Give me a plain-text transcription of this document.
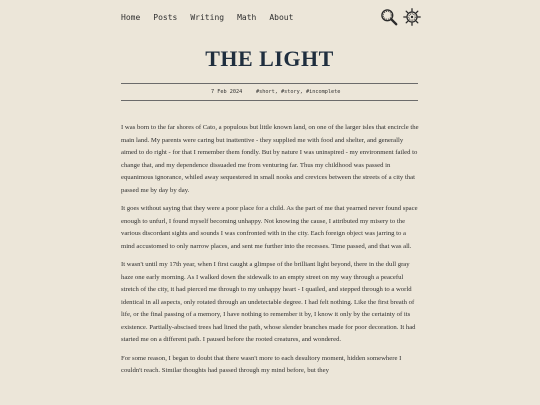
Home Posts Writing Math About
THE LIGHT
7 Feb 2024	#short, #story, #incomplete

I was born to the far shores of Cato, a populous but little known land, on one of the larger isles that encircle the main land. My parents were caring but inattentive - they supplied me with food and shelter, and generally aimed to do right - for that I remember them fondly. But by nature I was uninspired - my environment failed to change that, and my dependence dissuaded me from venturing far. Thus my childhood was passed in equanimous ignorance, whiled away sequestered in small nooks and crevices between the streets of a city that passed me by day by day.

It goes without saying that they were a poor place for a child. As the part of me that yearned never found space enough to unfurl, I found myself becoming unhappy. Not knowing the cause, I attributed my misery to the various discordant sights and sounds I was confronted with in the city. Each foreign object was jarring to a mind accustomed to only narrow places, and sent me further into the recesses. Time passed, and that was all.

It wasn't until my 17th year, when I first caught a glimpse of the brilliant light beyond, there in the dull gray haze one early morning. As I walked down the sidewalk to an empty street on my way through a peaceful stretch of the city, it had pierced me through to my unhappy heart - I quailed, and stepped through to a world identical in all aspects, only rotated through an undetectable degree. I had felt nothing. Like the first breath of life, or the final passing of a memory, I have nothing to remember it by, I know it only by the certainty of its existence. Partially-abscised trees had lined the path, whose slender branches made for poor decoration. It had started me on a different path. I paused before the rooted creatures, and wondered.

For some reason, I began to doubt that there wasn't more to each desultory moment, hidden somewhere I couldn't reach. Similar thoughts had passed through my mind before, but they
